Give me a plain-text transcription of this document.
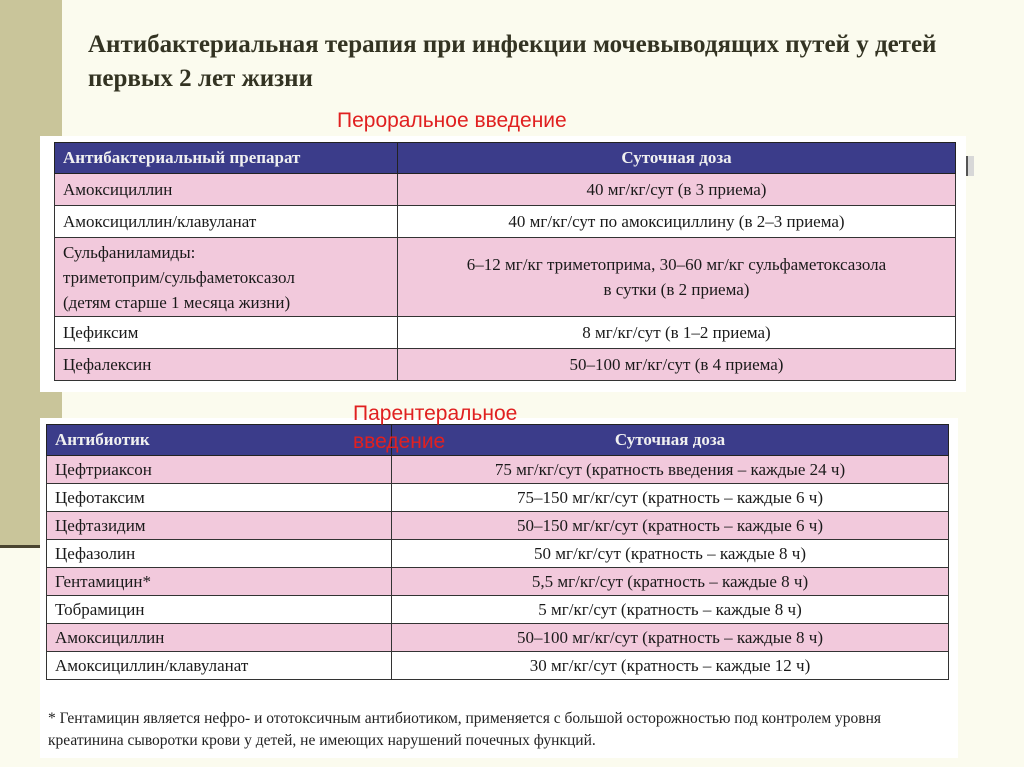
Антибактериальная терапия при инфекции мочевыводящих путей у детей первых 2 лет жизни
Пероральное введение
Антибактериальный препарат	Суточная доза
Амоксициллин	40 мг/кг/сут (в 3 приема)
Амоксициллин/клавуланат	40 мг/кг/сут по амоксициллину (в 2–3 приема)
Сульфаниламиды:
триметоприм/сульфаметоксазол
(детям старше 1 месяца жизни)	6–12 мг/кг триметоприма, 30–60 мг/кг сульфаметоксазола
в сутки (в 2 приема)
Цефиксим	8 мг/кг/сут (в 1–2 приема)
Цефалексин	50–100 мг/кг/сут (в 4 приема)
Антибиотик	Суточная доза
Цефтриаксон	75 мг/кг/сут (кратность введения – каждые 24 ч)
Цефотаксим	75–150 мг/кг/сут (кратность – каждые 6 ч)
Цефтазидим	50–150 мг/кг/сут (кратность – каждые 6 ч)
Цефазолин	50 мг/кг/сут (кратность – каждые 8 ч)
Гентамицин*	5,5 мг/кг/сут (кратность – каждые 8 ч)
Тобрамицин	5 мг/кг/сут (кратность – каждые 8 ч)
Амоксициллин	50–100 мг/кг/сут (кратность – каждые 8 ч)
Амоксициллин/клавуланат	30 мг/кг/сут (кратность – каждые 12 ч)
Парентеральное введение
* Гентамицин является нефро- и ототоксичным антибиотиком, применяется с большой осторожностью под контролем уровня креатинина сыворотки крови у детей, не имеющих нарушений почечных функций.
